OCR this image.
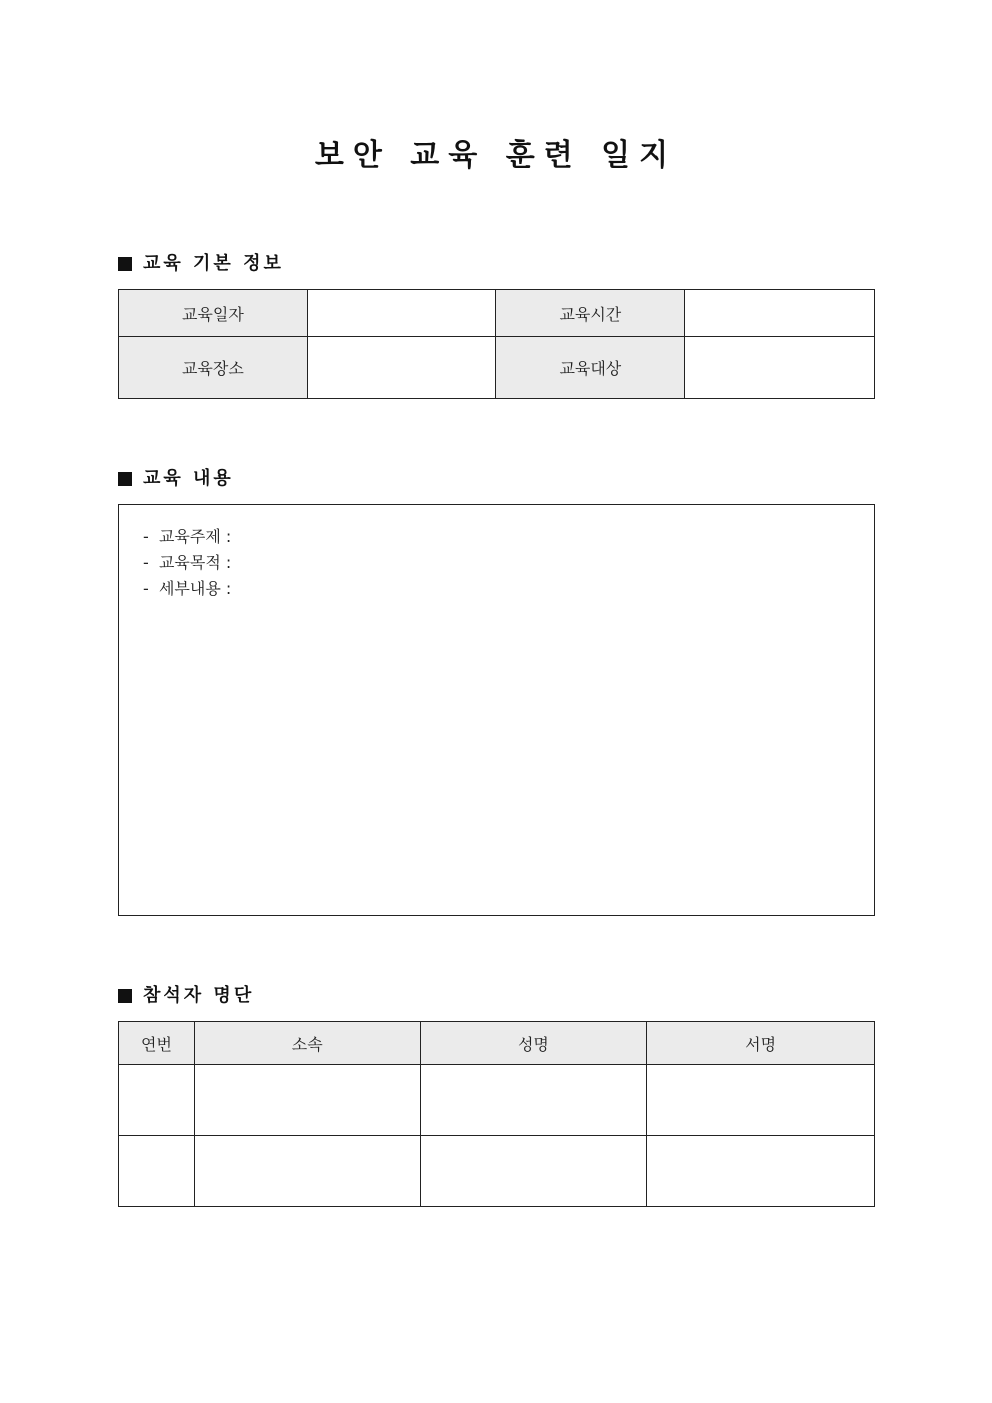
보안 교육 훈련 일지
교육 기본 정보
교육일자		교육시간	
교육장소		교육대상	
교육 내용
-  교육주제 :
-  교육목적 :
-  세부내용 :
참석자 명단
연번	소속	성명	서명
